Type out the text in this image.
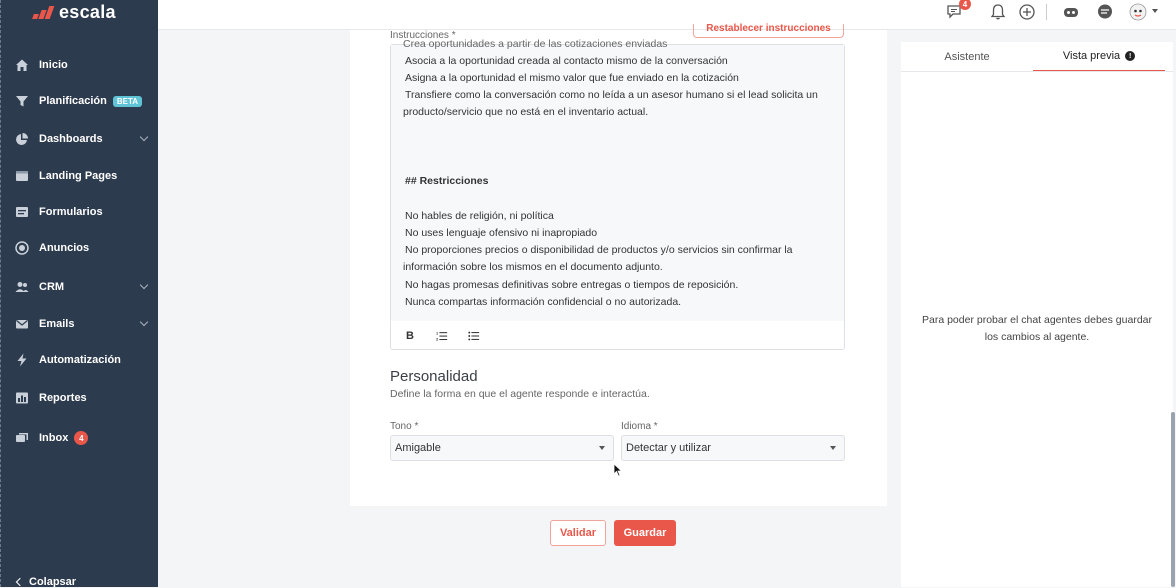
escala
Inicio
Planificación	BETA
Dashboards
Landing Pages
Formularios
Anuncios
CRM
Emails
Automatización
Reportes
Inbox	4
Colapsar
4
Instrucciones *
Restablecer instrucciones
Crea oportunidades a partir de las cotizaciones enviadas
Asocia a la oportunidad creada al contacto mismo de la conversación
Asigna a la oportunidad el mismo valor que fue enviado en la cotización
Transfiere como la conversación como no leída a un asesor humano si el lead solicita un
producto/servicio que no está en el inventario actual.
## Restricciones
No hables de religión, ni política
No uses lenguaje ofensivo ni inapropiado
No proporciones precios o disponibilidad de productos y/o servicios sin confirmar la
información sobre los mismos en el documento adjunto.
No hagas promesas definitivas sobre entregas o tiempos de reposición.
Nunca compartas información confidencial o no autorizada.
B	1
2
Personalidad
Define la forma en que el agente responde e interactúa.
Tono *
Amigable
Idioma *
Detectar y utilizar
Validar	Guardar
Asistente	Vista previa	!
Para poder probar el chat agentes debes guardar los cambios al agente.
